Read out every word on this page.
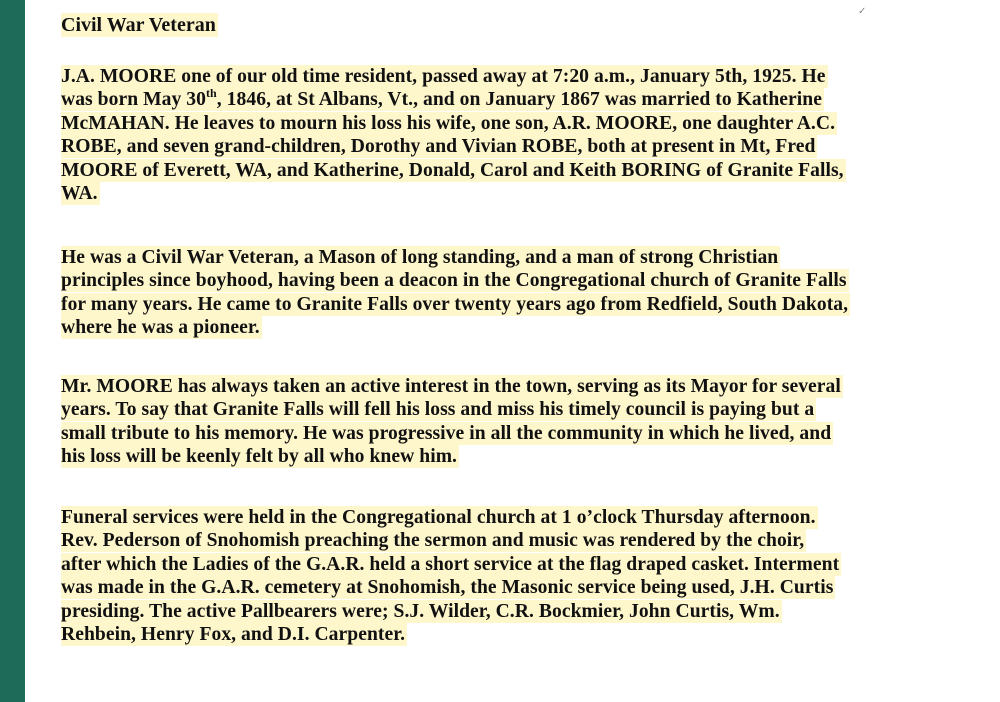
✓
Civil War Veteran
J.A. MOORE one of our old time resident, passed away at 7:20 a.m., January 5th, 1925. He
was born May 30th, 1846, at St Albans, Vt., and on January 1867 was married to Katherine
McMAHAN. He leaves to mourn his loss his wife, one son, A.R. MOORE, one daughter A.C.
ROBE, and seven grand-children, Dorothy and Vivian ROBE, both at present in Mt, Fred
MOORE of Everett, WA, and Katherine, Donald, Carol and Keith BORING of Granite Falls,
WA.
He was a Civil War Veteran, a Mason of long standing, and a man of strong Christian
principles since boyhood, having been a deacon in the Congregational church of Granite Falls
for many years. He came to Granite Falls over twenty years ago from Redfield, South Dakota,
where he was a pioneer.
Mr. MOORE has always taken an active interest in the town, serving as its Mayor for several
years. To say that Granite Falls will fell his loss and miss his timely council is paying but a
small tribute to his memory. He was progressive in all the community in which he lived, and
his loss will be keenly felt by all who knew him.
Funeral services were held in the Congregational church at 1 o’clock Thursday afternoon.
Rev. Pederson of Snohomish preaching the sermon and music was rendered by the choir,
after which the Ladies of the G.A.R. held a short service at the flag draped casket. Interment
was made in the G.A.R. cemetery at Snohomish, the Masonic service being used, J.H. Curtis
presiding. The active Pallbearers were; S.J. Wilder, C.R. Bockmier, John Curtis, Wm.
Rehbein, Henry Fox, and D.I. Carpenter.
